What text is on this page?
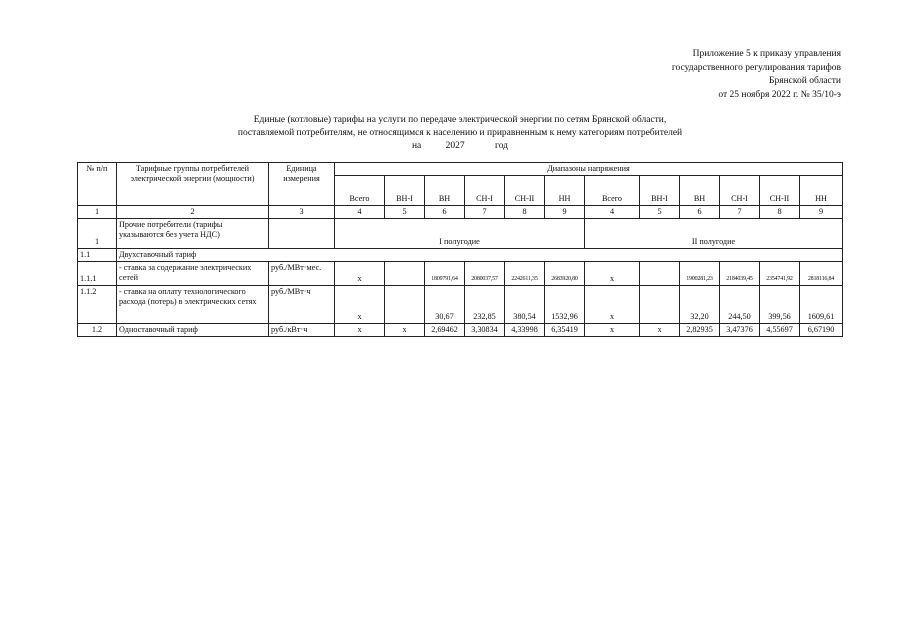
Приложение 5 к приказу управления
государственного регулирования тарифов
Брянской области
от 25 ноября 2022 г. № 35/10-э
Единые (котловые) тарифы на услуги по передаче электрической энергии по сетям Брянской области,
поставляемой потребителям, не относящимся к населению и приравненным к нему категориям потребителей
на	2027	год
№ п/п	Тарифные группы потребителей электрической энергии (мощности)	Единица измерения	Диапазоны напряжения											
			Всего	ВН-I	ВН	СН-I	СН-II	НН	Всего	ВН-I	ВН	СН-I	СН-II	НН
1	2	3	4	5	6	7	8	9	4	5	6	7	8	9
1	Прочие потребители (тарифы указываются без учета НДС)		I полугодие						II полугодие					
1.1	Двухставочный тариф													
1.1.1	- ставка за содержание электрических сетей	руб./МВт·мес.	x		1809791,64	2080037,57	2242611,35	2683920,80	x		1900281,23	2184039,45	2354741,92	2818116,84
1.1.2	- ставка на оплату технологического расхода (потерь) в электрических сетях	руб./МВт·ч	x		30,67	232,85	380,54	1532,96	x		32,20	244,50	399,56	1609,61
1.2	Одноставочный тариф	руб./кВт·ч	x	x	2,69462	3,30834	4,33998	6,35419	x	x	2,82935	3,47376	4,55697	6,67190
